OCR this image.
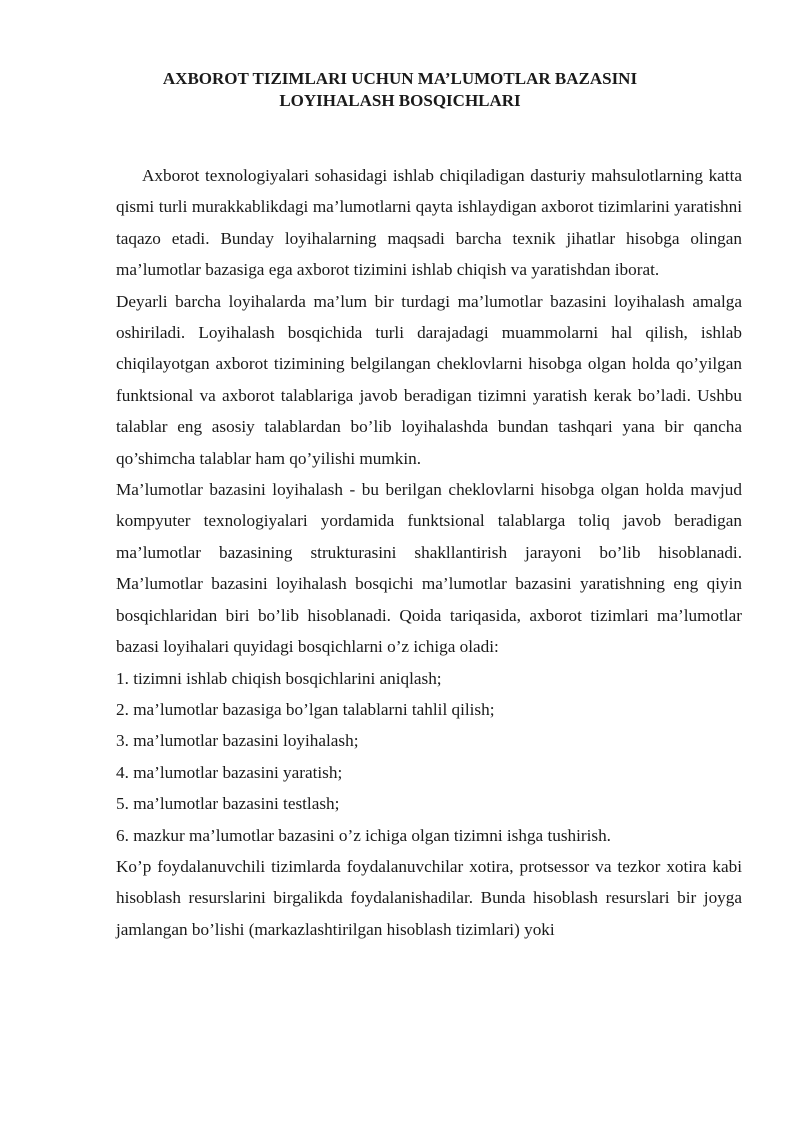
AXBOROT TIZIMLARI UCHUN MA’LUMOTLAR BAZASINI
LOYIHALASH BOSQICHLARI

Axborot texnologiyalari sohasidagi ishlab chiqiladigan dasturiy mahsulotlarning katta qismi turli murakkablikdagi ma’lumotlarni qayta ishlaydigan axborot tizimlarini yaratishni taqazo etadi. Bunday loyihalarning maqsadi barcha texnik jihatlar hisobga olingan ma’lumotlar bazasiga ega axborot tizimini ishlab chiqish va yaratishdan iborat.

Deyarli barcha loyihalarda ma’lum bir turdagi ma’lumotlar bazasini loyihalash amalga oshiriladi. Loyihalash bosqichida turli darajadagi muammolarni hal qilish, ishlab chiqilayotgan axborot tizimining belgilangan cheklovlarni hisobga olgan holda qo’yilgan funktsional va axborot talablariga javob beradigan tizimni yaratish kerak bo’ladi. Ushbu talablar eng asosiy talablardan bo’lib loyihalashda bundan tashqari yana bir qancha qo’shimcha talablar ham qo’yilishi mumkin.

Ma’lumotlar bazasini loyihalash - bu berilgan cheklovlarni hisobga olgan holda mavjud kompyuter texnologiyalari yordamida funktsional talablarga toliq javob beradigan ma’lumotlar bazasining strukturasini shakllantirish jarayoni bo’lib hisoblanadi. Ma’lumotlar bazasini loyihalash bosqichi ma’lumotlar bazasini yaratishning eng qiyin bosqichlaridan biri bo’lib hisoblanadi. Qoida tariqasida, axborot tizimlari ma’lumotlar bazasi loyihalari quyidagi bosqichlarni o’z ichiga oladi:

1. tizimni ishlab chiqish bosqichlarini aniqlash;

2. ma’lumotlar bazasiga bo’lgan talablarni tahlil qilish;

3. ma’lumotlar bazasini loyihalash;

4. ma’lumotlar bazasini yaratish;

5. ma’lumotlar bazasini testlash;

6. mazkur ma’lumotlar bazasini o’z ichiga olgan tizimni ishga tushirish.

Ko’p foydalanuvchili tizimlarda foydalanuvchilar xotira, protsessor va tezkor xotira kabi hisoblash resurslarini birgalikda foydalanishadilar. Bunda hisoblash resurslari bir joyga jamlangan bo’lishi (markazlashtirilgan hisoblash tizimlari) yoki
